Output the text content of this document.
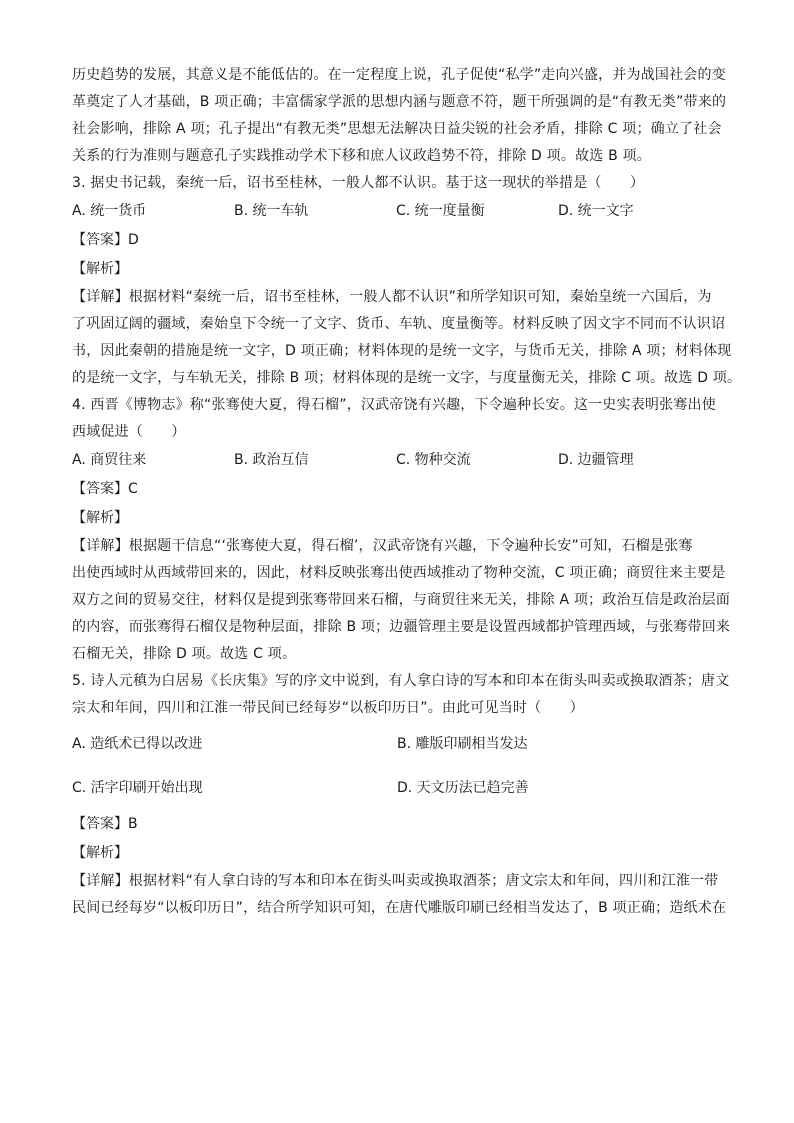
历史趋势的发展，其意义是不能低估的。在一定程度上说，孔子促使“私学”走向兴盛，并为战国社会的变
革奠定了人才基础，B 项正确；丰富儒家学派的思想内涵与题意不符，题干所强调的是“有教无类”带来的
社会影响，排除 A 项；孔子提出“有教无类”思想无法解决日益尖锐的社会矛盾，排除 C 项；确立了社会
关系的行为准则与题意孔子实践推动学术下移和庶人议政趋势不符，排除 D 项。故选 B 项。
3. 据史书记载，秦统一后，诏书至桂林，一般人都不认识。基于这一现状的举措是（　　）
A. 统一货币	B. 统一车轨	C. 统一度量衡	D. 统一文字
【答案】D
【解析】
【详解】根据材料“秦统一后，诏书至桂林，一般人都不认识”和所学知识可知，秦始皇统一六国后，为
了巩固辽阔的疆域，秦始皇下令统一了文字、货币、车轨、度量衡等。材料反映了因文字不同而不认识诏
书，因此秦朝的措施是统一文字，D 项正确；材料体现的是统一文字，与货币无关，排除 A 项；材料体现
的是统一文字，与车轨无关，排除 B 项；材料体现的是统一文字，与度量衡无关，排除 C 项。故选 D 项。
4. 西晋《博物志》称“张骞使大夏，得石榴”，汉武帝饶有兴趣，下令遍种长安。这一史实表明张骞出使
西域促进（　　）
A. 商贸往来	B. 政治互信	C. 物种交流	D. 边疆管理
【答案】C
【解析】
【详解】根据题干信息“‘张骞使大夏，得石榴’，汉武帝饶有兴趣，下令遍种长安”可知，石榴是张骞
出使西域时从西域带回来的，因此，材料反映张骞出使西域推动了物种交流，C 项正确；商贸往来主要是
双方之间的贸易交往，材料仅是提到张骞带回来石榴，与商贸往来无关，排除 A 项；政治互信是政治层面
的内容，而张骞得石榴仅是物种层面，排除 B 项；边疆管理主要是设置西域都护管理西域，与张骞带回来
石榴无关，排除 D 项。故选 C 项。
5. 诗人元稹为白居易《长庆集》写的序文中说到，有人拿白诗的写本和印本在街头叫卖或换取酒茶；唐文
宗太和年间，四川和江淮一带民间已经每岁“以板印历日”。由此可见当时（　　）
A. 造纸术已得以改进	B. 雕版印刷相当发达
C. 活字印刷开始出现	D. 天文历法已趋完善
【答案】B
【解析】
【详解】根据材料“有人拿白诗的写本和印本在街头叫卖或换取酒茶；唐文宗太和年间，四川和江淮一带
民间已经每岁“以板印历日”，结合所学知识可知，在唐代雕版印刷已经相当发达了，B 项正确；造纸术在
